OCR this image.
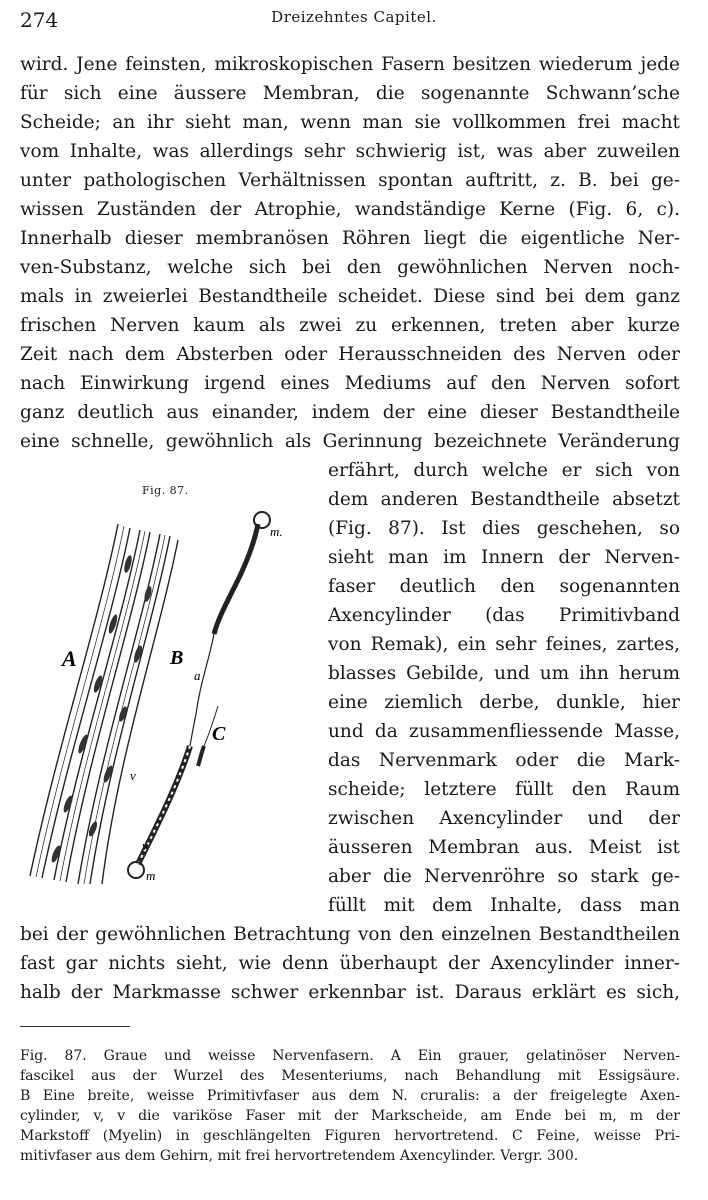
274	Dreizehntes Capitel.
wird. Jene feinsten, mikroskopischen Fasern besitzen wiederum jede
für sich eine äussere Membran, die sogenannte Schwann’sche
Scheide; an ihr sieht man, wenn man sie vollkommen frei macht
vom Inhalte, was allerdings sehr schwierig ist, was aber zuweilen
unter pathologischen Verhältnissen spontan auftritt, z. B. bei ge-
wissen Zuständen der Atrophie, wandständige Kerne (Fig. 6, c).
Innerhalb dieser membranösen Röhren liegt die eigentliche Ner-
ven-Substanz, welche sich bei den gewöhnlichen Nerven noch-
mals in zweierlei Bestandtheile scheidet. Diese sind bei dem ganz
frischen Nerven kaum als zwei zu erkennen, treten aber kurze
Zeit nach dem Absterben oder Herausschneiden des Nerven oder
nach Einwirkung irgend eines Mediums auf den Nerven sofort
ganz deutlich aus einander, indem der eine dieser Bestandtheile
eine schnelle, gewöhnlich als Gerinnung bezeichnete Veränderung
erfährt, durch welche er sich von
dem anderen Bestandtheile absetzt
(Fig. 87). Ist dies geschehen, so
sieht man im Innern der Nerven-
faser deutlich den sogenannten
Axencylinder (das Primitivband
von Remak), ein sehr feines, zartes,
blasses Gebilde, und um ihn herum
eine ziemlich derbe, dunkle, hier
und da zusammenfliessende Masse,
das Nervenmark oder die Mark-
scheide; letztere füllt den Raum
zwischen Axencylinder und der
äusseren Membran aus. Meist ist
aber die Nervenröhre so stark ge-
füllt mit dem Inhalte, dass man
bei der gewöhnlichen Betrachtung von den einzelnen Bestandtheilen
fast gar nichts sieht, wie denn überhaupt der Axencylinder inner-
halb der Markmasse schwer erkennbar ist. Daraus erklärt es sich,
Fig. 87.
A	B
C
a
v
v
m.
m
Fig. 87. Graue und weisse Nervenfasern. A Ein grauer, gelatinöser Nerven-
fascikel aus der Wurzel des Mesenteriums, nach Behandlung mit Essigsäure.
B Eine breite, weisse Primitivfaser aus dem N. cruralis: a der freigelegte Axen-
cylinder, v, v die variköse Faser mit der Markscheide, am Ende bei m, m der
Markstoff (Myelin) in geschlängelten Figuren hervortretend. C Feine, weisse Pri-
mitivfaser aus dem Gehirn, mit frei hervortretendem Axencylinder. Vergr. 300.
